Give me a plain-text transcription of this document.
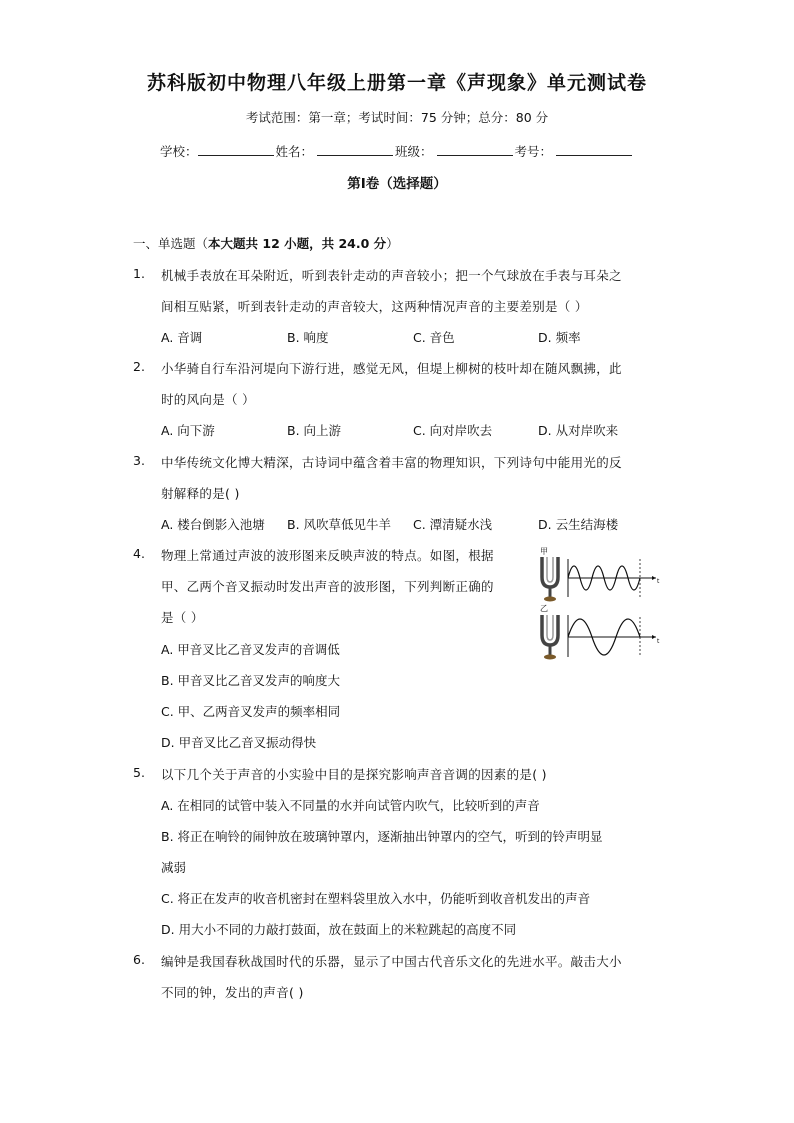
苏科版初中物理八年级上册第一章《声现象》单元测试卷
考试范围：第一章；考试时间：75 分钟；总分：80 分
学校：	姓名：	班级：	考号：
第Ⅰ卷（选择题）
一、单选题（本大题共 12 小题，共 24.0 分）
1. 机械手表放在耳朵附近，听到表针走动的声音较小；把一个气球放在手表与耳朵之
间相互贴紧，听到表针走动的声音较大，这两种情况声音的主要差别是（ ）
A. 音调	B. 响度	C. 音色	D. 频率
2. 小华骑自行车沿河堤向下游行进，感觉无风，但堤上柳树的枝叶却在随风飘拂，此
时的风向是（ ）
A. 向下游	B. 向上游	C. 向对岸吹去	D. 从对岸吹来
3. 中华传统文化博大精深，古诗词中蕴含着丰富的物理知识，下列诗句中能用光的反
射解释的是( )
A. 楼台倒影入池塘 B. 风吹草低见牛羊 C. 潭清疑水浅	D. 云生结海楼
4. 物理上常通过声波的波形图来反映声波的特点。如图，根据
甲、乙两个音叉振动时发出声音的波形图，下列判断正确的
是（ ）
A. 甲音叉比乙音叉发声的音调低
B. 甲音叉比乙音叉发声的响度大
C. 甲、乙两音叉发声的频率相同
D. 甲音叉比乙音叉振动得快
甲
t
乙
t
5. 以下几个关于声音的小实验中目的是探究影响声音音调的因素的是( )
A. 在相同的试管中装入不同量的水并向试管内吹气，比较听到的声音
B. 将正在响铃的闹钟放在玻璃钟罩内，逐渐抽出钟罩内的空气，听到的铃声明显
减弱
C. 将正在发声的收音机密封在塑料袋里放入水中，仍能听到收音机发出的声音
D. 用大小不同的力敲打鼓面，放在鼓面上的米粒跳起的高度不同
6. 编钟是我国春秋战国时代的乐器，显示了中国古代音乐文化的先进水平。敲击大小
不同的钟，发出的声音( )
